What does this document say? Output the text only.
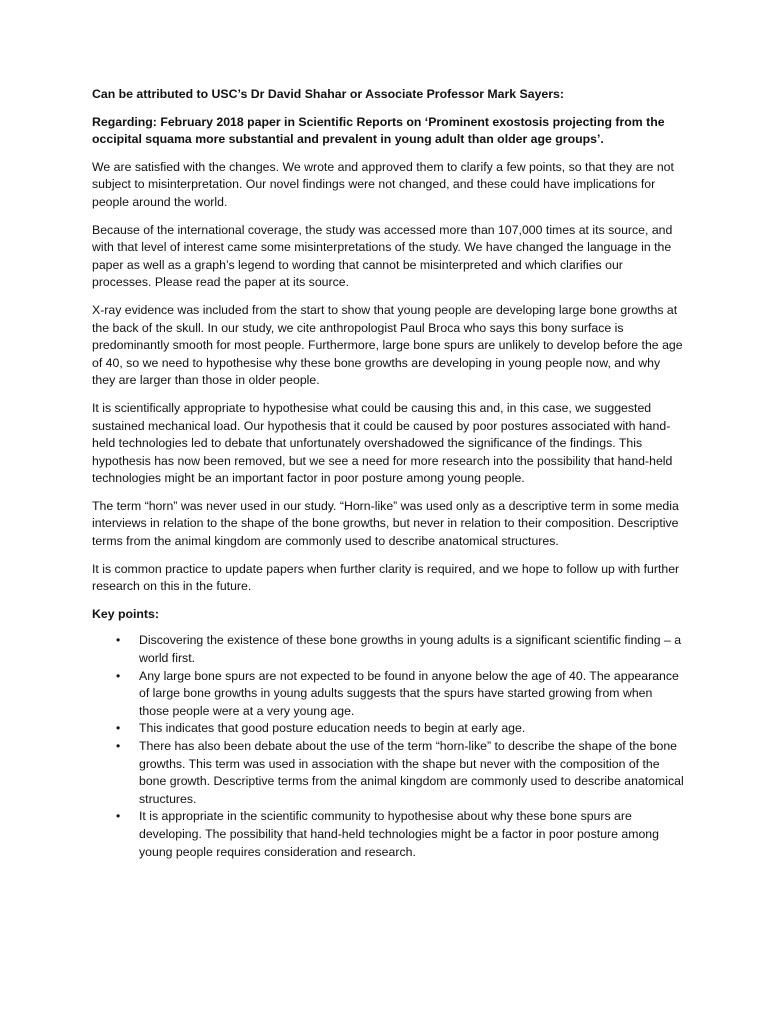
Can be attributed to USC’s Dr David Shahar or Associate Professor Mark Sayers:

Regarding: February 2018 paper in Scientific Reports on ‘Prominent exostosis projecting from the occipital squama more substantial and prevalent in young adult than older age groups’.

We are satisfied with the changes. We wrote and approved them to clarify a few points, so that they are not subject to misinterpretation. Our novel findings were not changed, and these could have implications for people around the world.

Because of the international coverage, the study was accessed more than 107,000 times at its source, and with that level of interest came some misinterpretations of the study. We have changed the language in the paper as well as a graph’s legend to wording that cannot be misinterpreted and which clarifies our processes. Please read the paper at its source.

X-ray evidence was included from the start to show that young people are developing large bone growths at the back of the skull. In our study, we cite anthropologist Paul Broca who says this bony surface is predominantly smooth for most people. Furthermore, large bone spurs are unlikely to develop before the age of 40, so we need to hypothesise why these bone growths are developing in young people now, and why they are larger than those in older people.

It is scientifically appropriate to hypothesise what could be causing this and, in this case, we suggested sustained mechanical load. Our hypothesis that it could be caused by poor postures associated with hand-held technologies led to debate that unfortunately overshadowed the significance of the findings. This hypothesis has now been removed, but we see a need for more research into the possibility that hand-held technologies might be an important factor in poor posture among young people.

The term “horn” was never used in our study. “Horn-like” was used only as a descriptive term in some media interviews in relation to the shape of the bone growths, but never in relation to their composition. Descriptive terms from the animal kingdom are commonly used to describe anatomical structures.

It is common practice to update papers when further clarity is required, and we hope to follow up with further research on this in the future.

Key points:

• Discovering the existence of these bone growths in young adults is a significant scientific finding – a world first.
• Any large bone spurs are not expected to be found in anyone below the age of 40. The appearance of large bone growths in young adults suggests that the spurs have started growing from when those people were at a very young age.
• This indicates that good posture education needs to begin at early age.
• There has also been debate about the use of the term “horn-like” to describe the shape of the bone growths. This term was used in association with the shape but never with the composition of the bone growth. Descriptive terms from the animal kingdom are commonly used to describe anatomical structures.
• It is appropriate in the scientific community to hypothesise about why these bone spurs are developing. The possibility that hand-held technologies might be a factor in poor posture among young people requires consideration and research.
